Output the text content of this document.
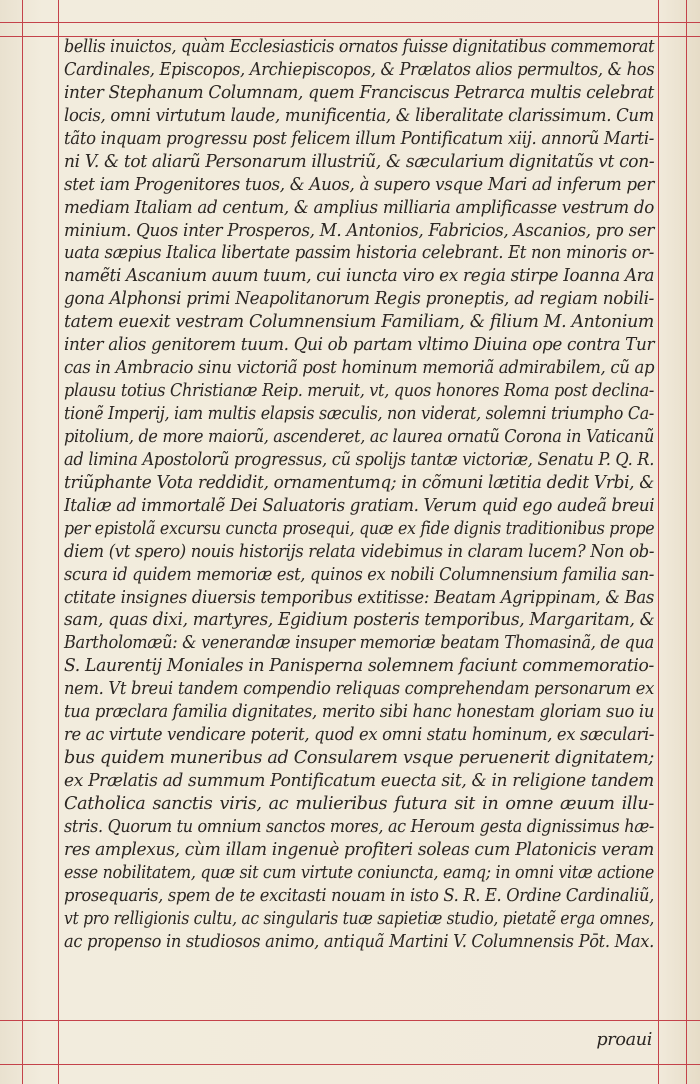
bellis inuictos, quàm Ecclesiasticis ornatos fuisse dignitatibus commemorat
Cardinales, Episcopos, Archiepiscopos, & Prælatos alios permultos, & hos
inter Stephanum Columnam, quem Franciscus Petrarca multis celebrat
locis, omni virtutum laude, munificentia, & liberalitate clarissimum. Cum
tãto inquam progressu post felicem illum Pontificatum xiij. annorũ Marti-
ni V. & tot aliarũ Personarum illustriũ, & sæcularium dignitatũs vt con-
stet iam Progenitores tuos, & Auos, à supero vsque Mari ad inferum per
mediam Italiam ad centum, & amplius milliaria amplificasse vestrum do
minium. Quos inter Prosperos, M. Antonios, Fabricios, Ascanios, pro ser
uata sæpius Italica libertate passim historia celebrant. Et non minoris or-
namẽti Ascanium auum tuum, cui iuncta viro ex regia stirpe Ioanna Ara
gona Alphonsi primi Neapolitanorum Regis proneptis, ad regiam nobili-
tatem euexit vestram Columnensium Familiam, & filium M. Antonium
inter alios genitorem tuum. Qui ob partam vltimo Diuina ope contra Tur
cas in Ambracio sinu victoriã post hominum memoriã admirabilem, cũ ap
plausu totius Christianæ Reip. meruit, vt, quos honores Roma post declina-
tionẽ Imperij, iam multis elapsis sæculis, non viderat, solemni triumpho Ca-
pitolium, de more maiorũ, ascenderet, ac laurea ornatũ Corona in Vaticanũ
ad limina Apostolorũ progressus, cũ spolijs tantæ victoriæ, Senatu P. Q. R.
triũphante Vota reddidit, ornamentumq; in cõmuni lætitia dedit Vrbi, &
Italiæ ad immortalẽ Dei Saluatoris gratiam. Verum quid ego audeã breui
per epistolã excursu cuncta prosequi, quæ ex fide dignis traditionibus prope
diem (vt spero) nouis historijs relata videbimus in claram lucem? Non ob-
scura id quidem memoriæ est, quinos ex nobili Columnensium familia san-
ctitate insignes diuersis temporibus extitisse: Beatam Agrippinam, & Bas
sam, quas dixi, martyres, Egidium posteris temporibus, Margaritam, &
Bartholomæũ: & venerandæ insuper memoriæ beatam Thomasinã, de qua
S. Laurentij Moniales in Panisperna solemnem faciunt commemoratio-
nem. Vt breui tandem compendio reliquas comprehendam personarum ex
tua præclara familia dignitates, merito sibi hanc honestam gloriam suo iu
re ac virtute vendicare poterit, quod ex omni statu hominum, ex sæculari-
bus quidem muneribus ad Consularem vsque peruenerit dignitatem;
ex Prælatis ad summum Pontificatum euecta sit, & in religione tandem
Catholica sanctis viris, ac mulieribus futura sit in omne æuum illu-
stris. Quorum tu omnium sanctos mores, ac Heroum gesta dignissimus hæ-
res amplexus, cùm illam ingenuè profiteri soleas cum Platonicis veram
esse nobilitatem, quæ sit cum virtute coniuncta, eamq; in omni vitæ actione
prosequaris, spem de te excitasti nouam in isto S. R. E. Ordine Cardinaliũ,
vt pro relligionis cultu, ac singularis tuæ sapietiæ studio, pietatẽ erga omnes,
ac propenso in studiosos animo, antiquã Martini V. Columnensis Pōt. Max.
proaui
